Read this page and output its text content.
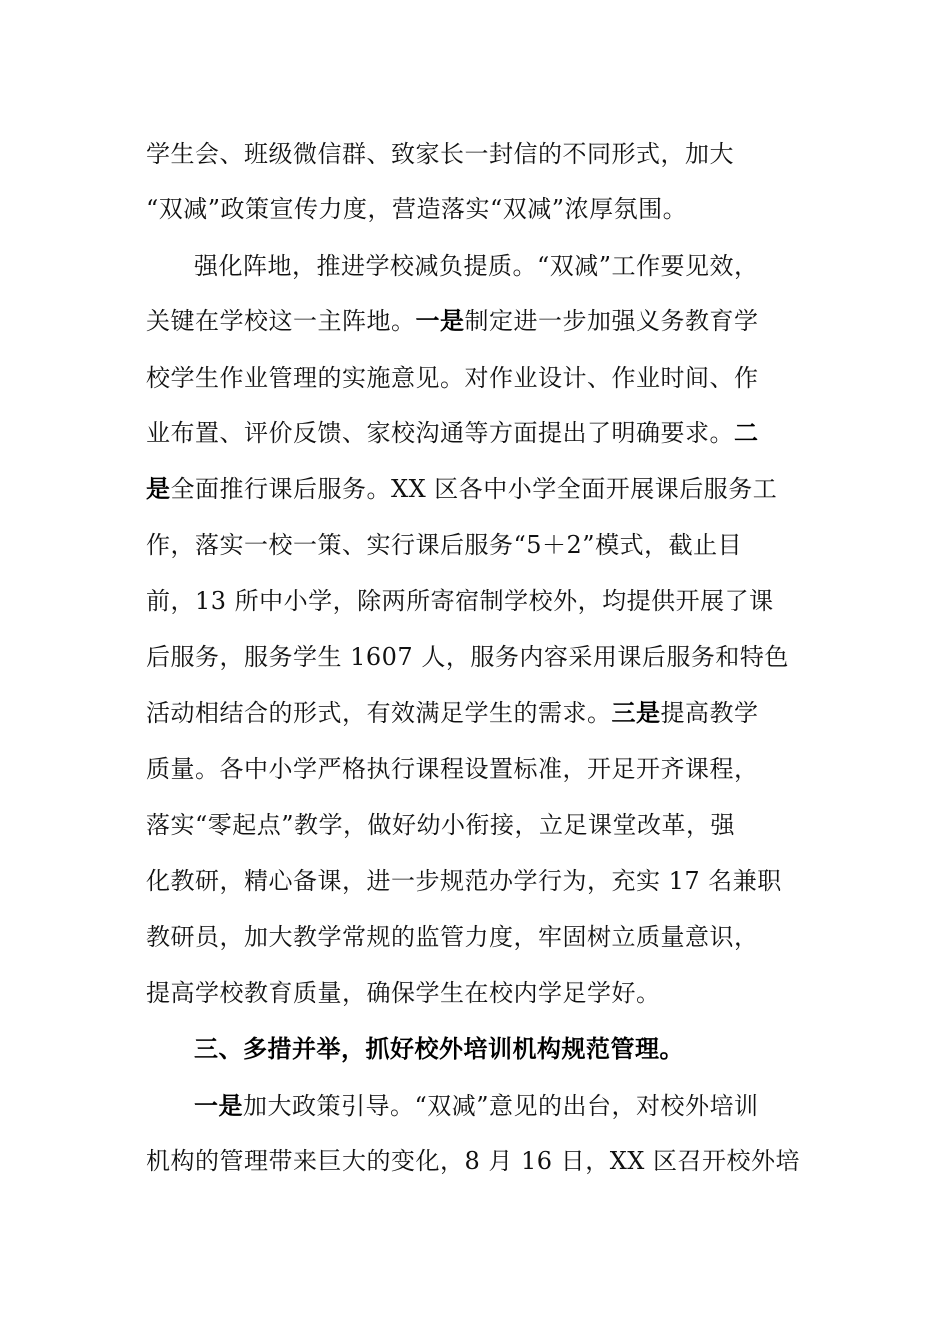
学生会、班级微信群、致家长一封信的不同形式，加大
“双减”政策宣传力度，营造落实“双减”浓厚氛围。
强化阵地，推进学校减负提质。“双减”工作要见效，
关键在学校这一主阵地。一是制定进一步加强义务教育学
校学生作业管理的实施意见。对作业设计、作业时间、作
业布置、评价反馈、家校沟通等方面提出了明确要求。二
是全面推行课后服务。XX 区各中小学全面开展课后服务工
作，落实一校一策、实行课后服务“5＋2”模式，截止目
前，13 所中小学，除两所寄宿制学校外，均提供开展了课
后服务，服务学生 1607 人，服务内容采用课后服务和特色
活动相结合的形式，有效满足学生的需求。三是提高教学
质量。各中小学严格执行课程设置标准，开足开齐课程，
落实“零起点”教学，做好幼小衔接，立足课堂改革，强
化教研，精心备课，进一步规范办学行为，充实 17 名兼职
教研员，加大教学常规的监管力度，牢固树立质量意识，
提高学校教育质量，确保学生在校内学足学好。
三、多措并举，抓好校外培训机构规范管理。
一是加大政策引导。“双减”意见的出台，对校外培训
机构的管理带来巨大的变化，8 月 16 日，XX 区召开校外培
